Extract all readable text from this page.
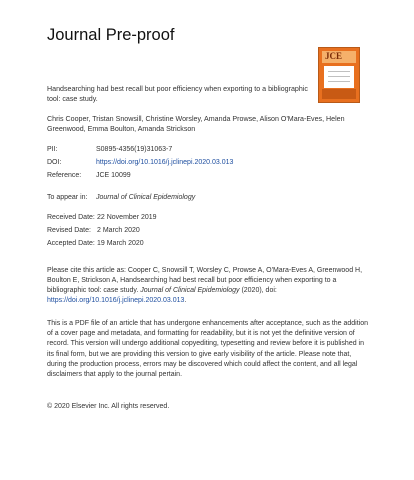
Journal Pre-proof
JCE

Handsearching had best recall but poor efficiency when exporting to a bibliographic tool: case study.

Chris Cooper, Tristan Snowsill, Christine Worsley, Amanda Prowse, Alison O'Mara-Eves, Helen Greenwood, Emma Boulton, Amanda Strickson

PII:	S0895-4356(19)31063-7
DOI:	https://doi.org/10.1016/j.jclinepi.2020.03.013
Reference:	JCE 10099
To appear in:	Journal of Clinical Epidemiology
Received Date: 22 November 2019
Revised Date: 2 March 2020
Accepted Date: 19 March 2020

Please cite this article as: Cooper C, Snowsill T, Worsley C, Prowse A, O'Mara-Eves A, Greenwood H, Boulton E, Strickson A, Handsearching had best recall but poor efficiency when exporting to a bibliographic tool: case study. Journal of Clinical Epidemiology (2020), doi: https://doi.org/10.1016/j.jclinepi.2020.03.013.

This is a PDF file of an article that has undergone enhancements after acceptance, such as the addition of a cover page and metadata, and formatting for readability, but it is not yet the definitive version of record. This version will undergo additional copyediting, typesetting and review before it is published in its final form, but we are providing this version to give early visibility of the article. Please note that, during the production process, errors may be discovered which could affect the content, and all legal disclaimers that apply to the journal pertain.

© 2020 Elsevier Inc. All rights reserved.
